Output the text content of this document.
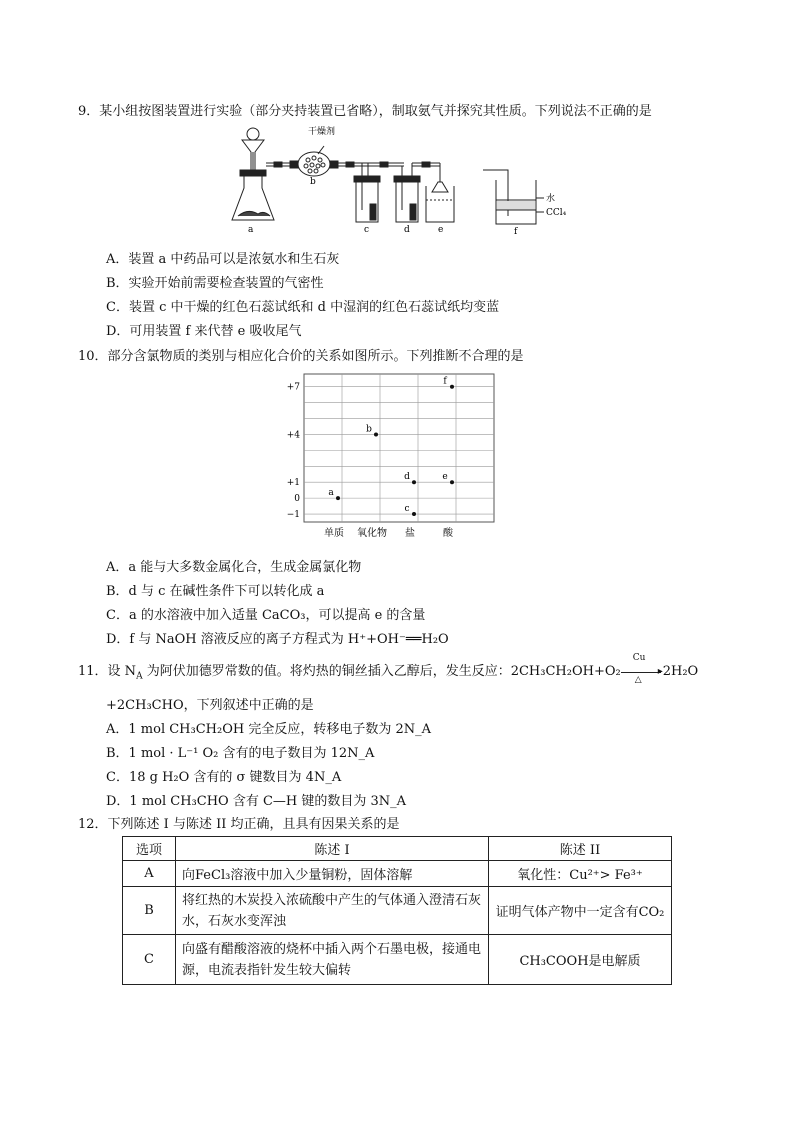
9．某小组按图装置进行实验（部分夹持装置已省略），制取氨气并探究其性质。下列说法不正确的是
干燥剂
a
b
c	d	e	f
水
CCl₄
A．装置 a 中药品可以是浓氨水和生石灰
B．实验开始前需要检查装置的气密性
C．装置 c 中干燥的红色石蕊试纸和 d 中湿润的红色石蕊试纸均变蓝
D．可用装置 f 来代替 e 吸收尾气
10．部分含氯物质的类别与相应化合价的关系如图所示。下列推断不合理的是
+7
+4
+1
0
−1
单质 氧化物 盐	酸
a
b
c
d	e
f
A．a 能与大多数金属化合，生成金属氯化物
B．d 与 c 在碱性条件下可以转化成 a
C．a 的水溶液中加入适量 CaCO₃，可以提高 e 的含量
D．f 与 NaOH 溶液反应的离子方程式为 H⁺+OH⁻══H₂O
11．设 $N_A$ 为阿伏加德罗常数的值。将灼热的铜丝插入乙醇后，发生反应：2CH₃CH₂OH+O₂
Cu
▸
△
2H₂O
+2CH₃CHO，下列叙述中正确的是
A．1 mol CH₃CH₂OH 完全反应，转移电子数为 2N_A
B．1 mol · L⁻¹ O₂ 含有的电子数目为 12N_A
C．18 g H₂O 含有的 σ 键数目为 4N_A
D．1 mol CH₃CHO 含有 C—H 键的数目为 3N_A
12．下列陈述 I 与陈述 II 均正确，且具有因果关系的是
选项	陈述 I	陈述 II
A	向FeCl₃溶液中加入少量铜粉，固体溶解	氧化性：Cu²⁺> Fe³⁺
B	将红热的木炭投入浓硫酸中产生的气体通入澄清石灰水，石灰水变浑浊	证明气体产物中一定含有CO₂
C	向盛有醋酸溶液的烧杯中插入两个石墨电极，接通电源，电流表指针发生较大偏转	CH₃COOH是电解质
